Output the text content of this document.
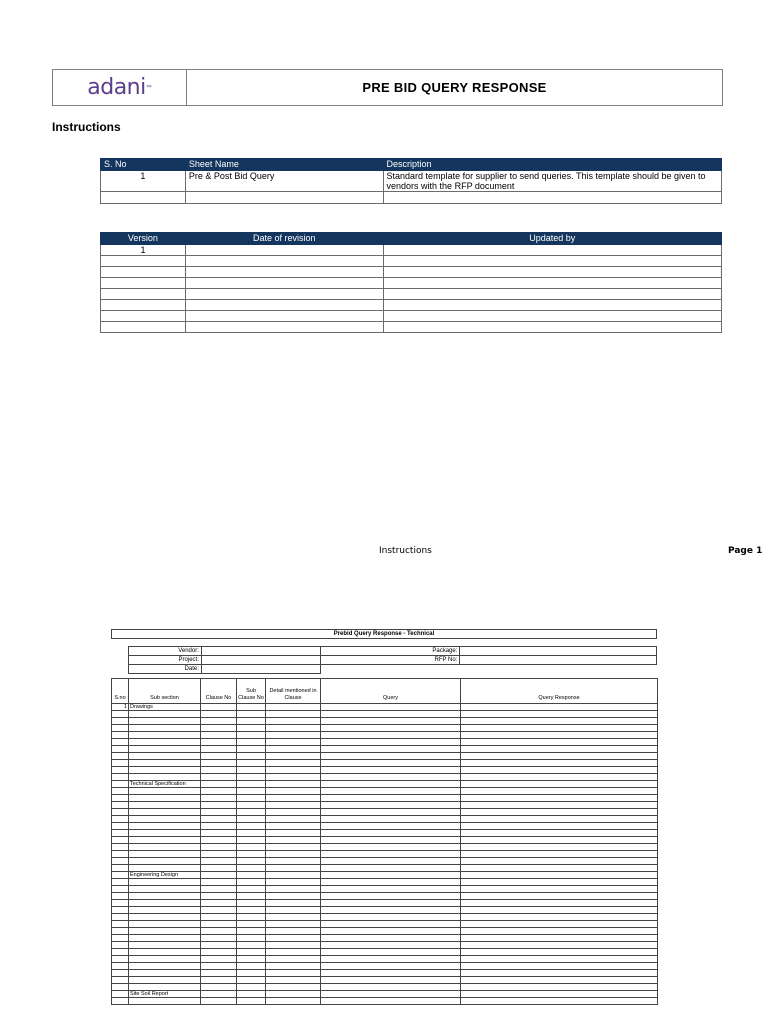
adani ™	PRE BID QUERY RESPONSE
Instructions
S. No	Sheet Name	Description
1	Pre & Post Bid Query	Standard template for supplier to send queries. This template should be given to vendors with the RFP document

Version	Date of revision	Updated by
1		

Instructions	Page 1
Prebid Query Response - Technical
Vendor:		Package:	
Project:		RFP No:	
Date:			
S.no	Sub section	Clause No	Sub Clause No	Detail mentioned in Clause	Query	Query Response
1	Drawings					

	Technical Specification					

	Engineering Design					

	Site Soil Report					
